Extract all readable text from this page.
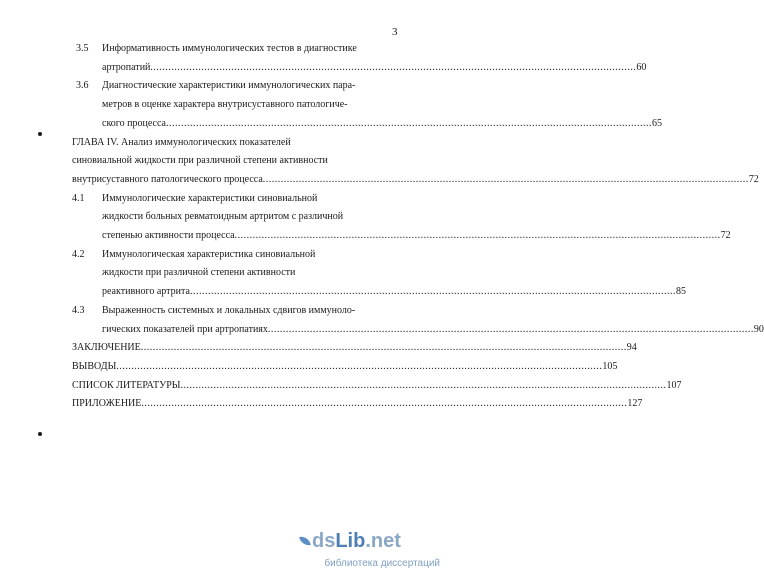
3
3.5	Информативность иммунологических тестов в диагностике
артропатий .....	60
3.6	Диагностические характеристики иммунологических пара-
метров в оценке характера внутрисуставного патологиче-
ского процесса .....	65
ГЛАВА IV. Анализ иммунологических показателей
синовиальной жидкости при различной степени активности
внутрисуставного патологического процесса .....	72
4.1	Иммунологические характеристики синовиальной
жидкости больных ревматоидным артритом с различной
степенью активности процесса .....	72
4.2	Иммунологическая характеристика синовиальной
жидкости при различной степени активности
реактивного артрита .....	85
4.3	Выраженность системных и локальных сдвигов иммуноло-
гических показателей при артропатиях .....	90
ЗАКЛЮЧЕНИЕ .....	94
ВЫВОДЫ .....	105
СПИСОК ЛИТЕРАТУРЫ .....	107
ПРИЛОЖЕНИЕ .....	127
ds Lib .net
библиотека диссертаций
